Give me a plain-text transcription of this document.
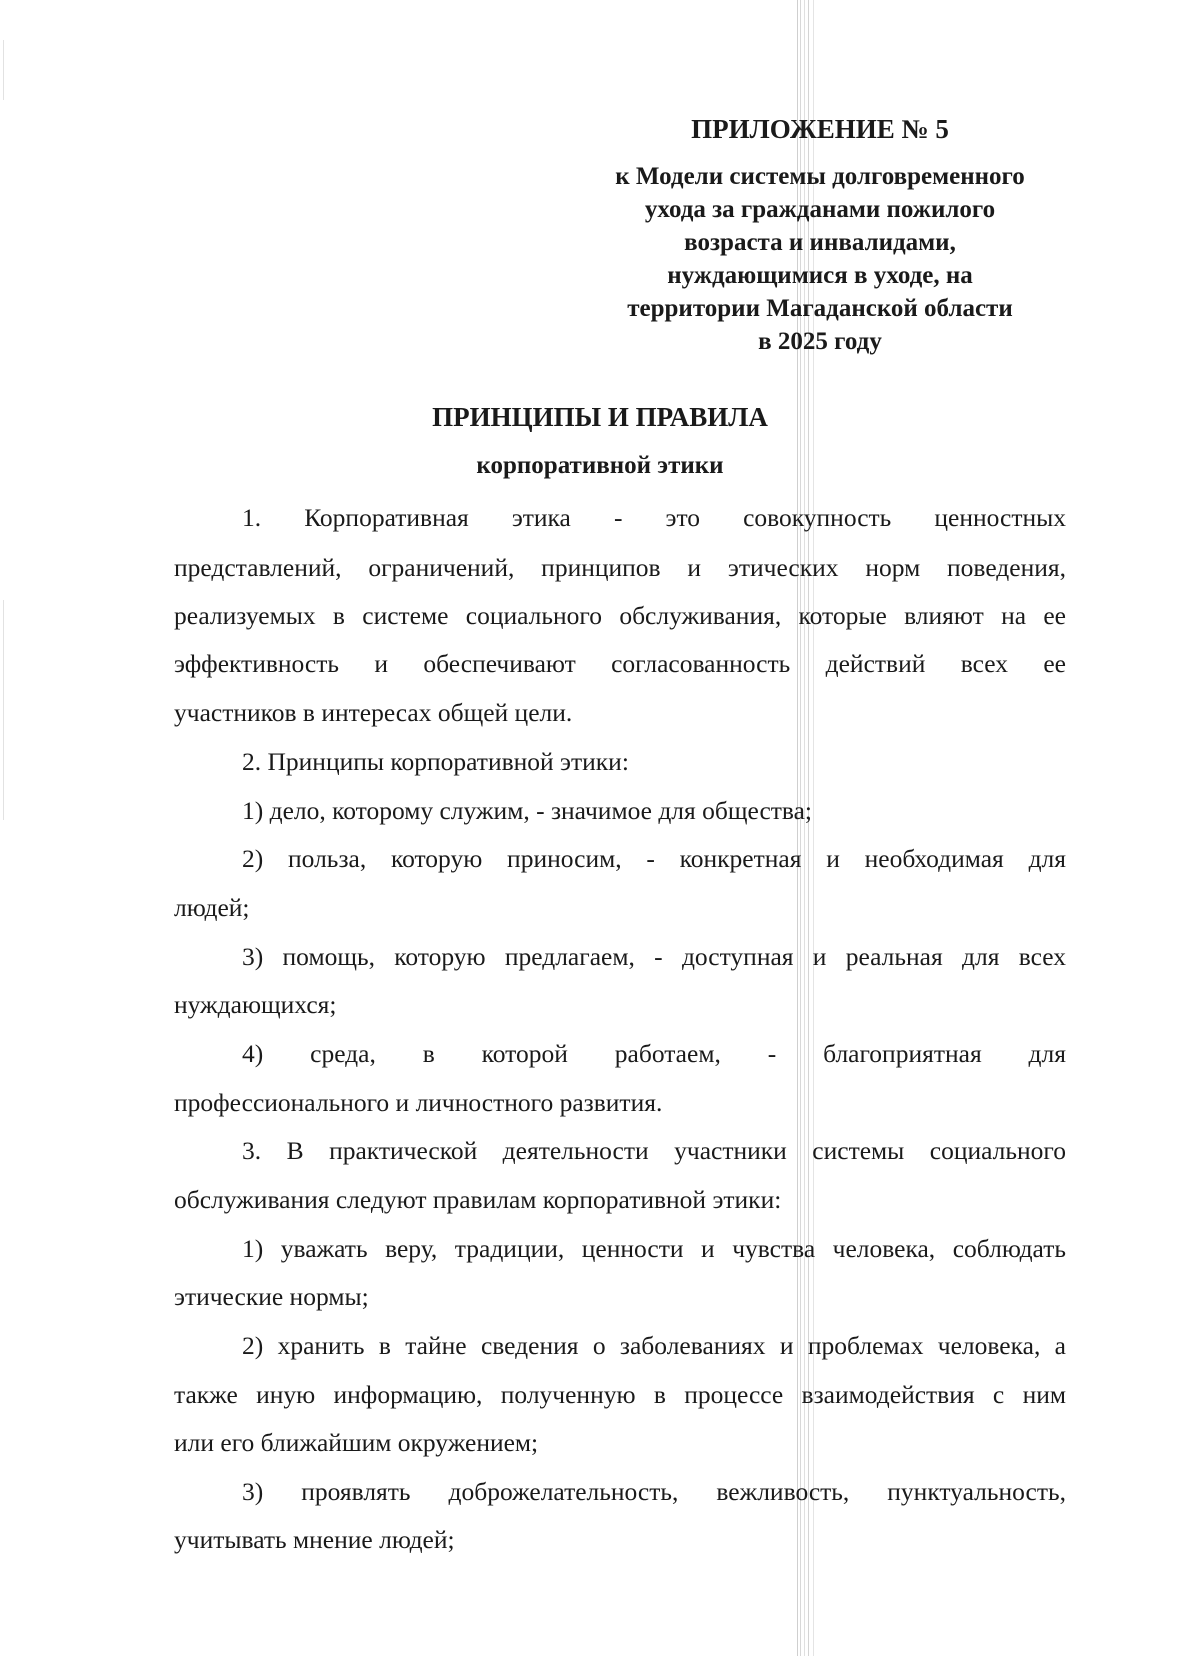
ПРИЛОЖЕНИЕ № 5
к Модели системы долговременного
ухода за гражданами пожилого
возраста и инвалидами,
нуждающимися в уходе, на
территории Магаданской области
в 2025 году
ПРИНЦИПЫ И ПРАВИЛА
корпоративной этики
1. Корпоративная этика - это совокупность ценностных
представлений, ограничений, принципов и этических норм поведения,
реализуемых в системе социального обслуживания, которые влияют на ее
эффективность и обеспечивают согласованность действий всех ее
участников в интересах общей цели.
2. Принципы корпоративной этики:
1) дело, которому служим, - значимое для общества;
2) польза, которую приносим, - конкретная и необходимая для
людей;
3) помощь, которую предлагаем, - доступная и реальная для всех
нуждающихся;
4) среда, в которой работаем, - благоприятная для
профессионального и личностного развития.
3. В практической деятельности участники системы социального
обслуживания следуют правилам корпоративной этики:
1) уважать веру, традиции, ценности и чувства человека, соблюдать
этические нормы;
2) хранить в тайне сведения о заболеваниях и проблемах человека, а
также иную информацию, полученную в процессе взаимодействия с ним
или его ближайшим окружением;
3) проявлять доброжелательность, вежливость, пунктуальность,
учитывать мнение людей;
